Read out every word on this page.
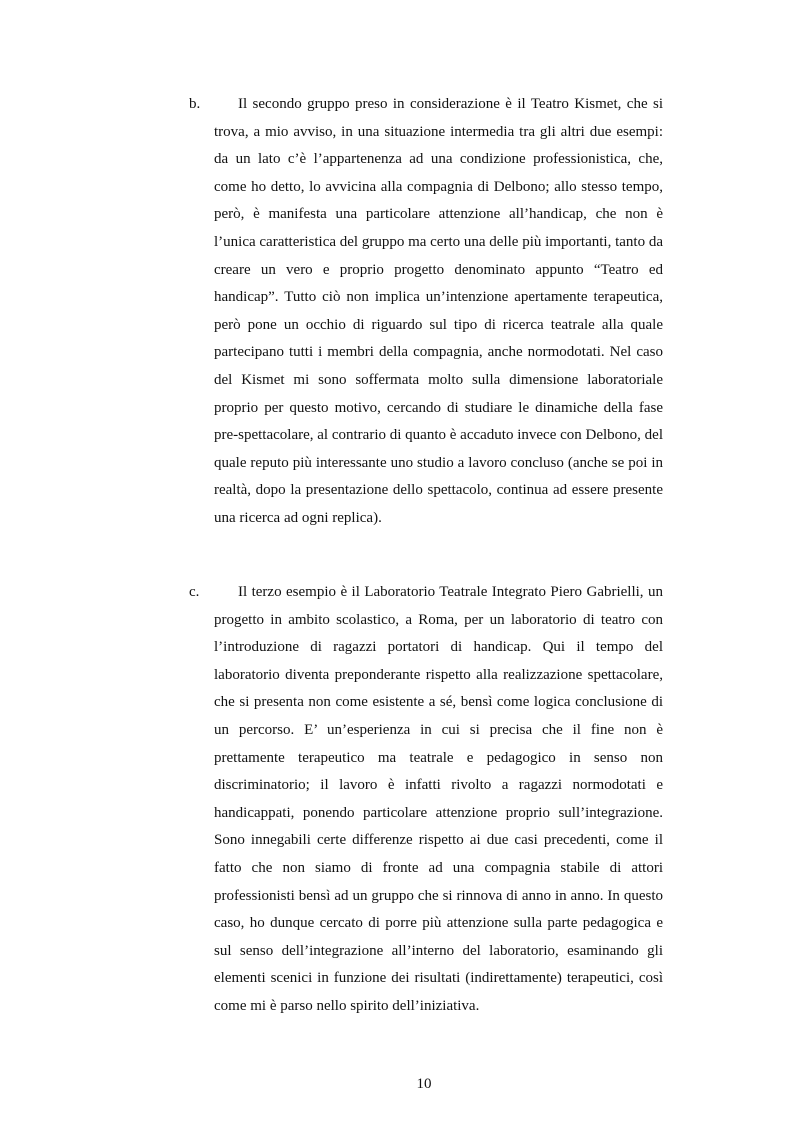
b.	Il secondo gruppo preso in considerazione è il Teatro Kismet, che si trova, a mio avviso, in una situazione intermedia tra gli altri due esempi: da un lato c’è l’appartenenza ad una condizione professionistica, che, come ho detto, lo avvicina alla compagnia di Delbono; allo stesso tempo, però, è manifesta una particolare attenzione all’handicap, che non è l’unica caratteristica del gruppo ma certo una delle più importanti, tanto da creare un vero e proprio progetto denominato appunto “Teatro ed handicap”. Tutto ciò non implica un’intenzione apertamente terapeutica, però pone un occhio di riguardo sul tipo di ricerca teatrale alla quale partecipano tutti i membri della compagnia, anche normodotati. Nel caso del Kismet mi sono soffermata molto sulla dimensione laboratoriale proprio per questo motivo, cercando di studiare le dinamiche della fase pre-spettacolare, al contrario di quanto è accaduto invece con Delbono, del quale reputo più interessante uno studio a lavoro concluso (anche se poi in realtà, dopo la presentazione dello spettacolo, continua ad essere presente una ricerca ad ogni replica).

c.	Il terzo esempio è il Laboratorio Teatrale Integrato Piero Gabrielli, un progetto in ambito scolastico, a Roma, per un laboratorio di teatro con l’introduzione di ragazzi portatori di handicap. Qui il tempo del laboratorio diventa preponderante rispetto alla realizzazione spettacolare, che si presenta non come esistente a sé, bensì come logica conclusione di un percorso. E’ un’esperienza in cui si precisa che il fine non è prettamente terapeutico ma teatrale e pedagogico in senso non discriminatorio; il lavoro è infatti rivolto a ragazzi normodotati e handicappati, ponendo particolare attenzione proprio sull’integrazione. Sono innegabili certe differenze rispetto ai due casi precedenti, come il fatto che non siamo di fronte ad una compagnia stabile di attori professionisti bensì ad un gruppo che si rinnova di anno in anno. In questo caso, ho dunque cercato di porre più attenzione sulla parte pedagogica e sul senso dell’integrazione all’interno del laboratorio, esaminando gli elementi scenici in funzione dei risultati (indirettamente) terapeutici, così come mi è parso nello spirito dell’iniziativa.

10
